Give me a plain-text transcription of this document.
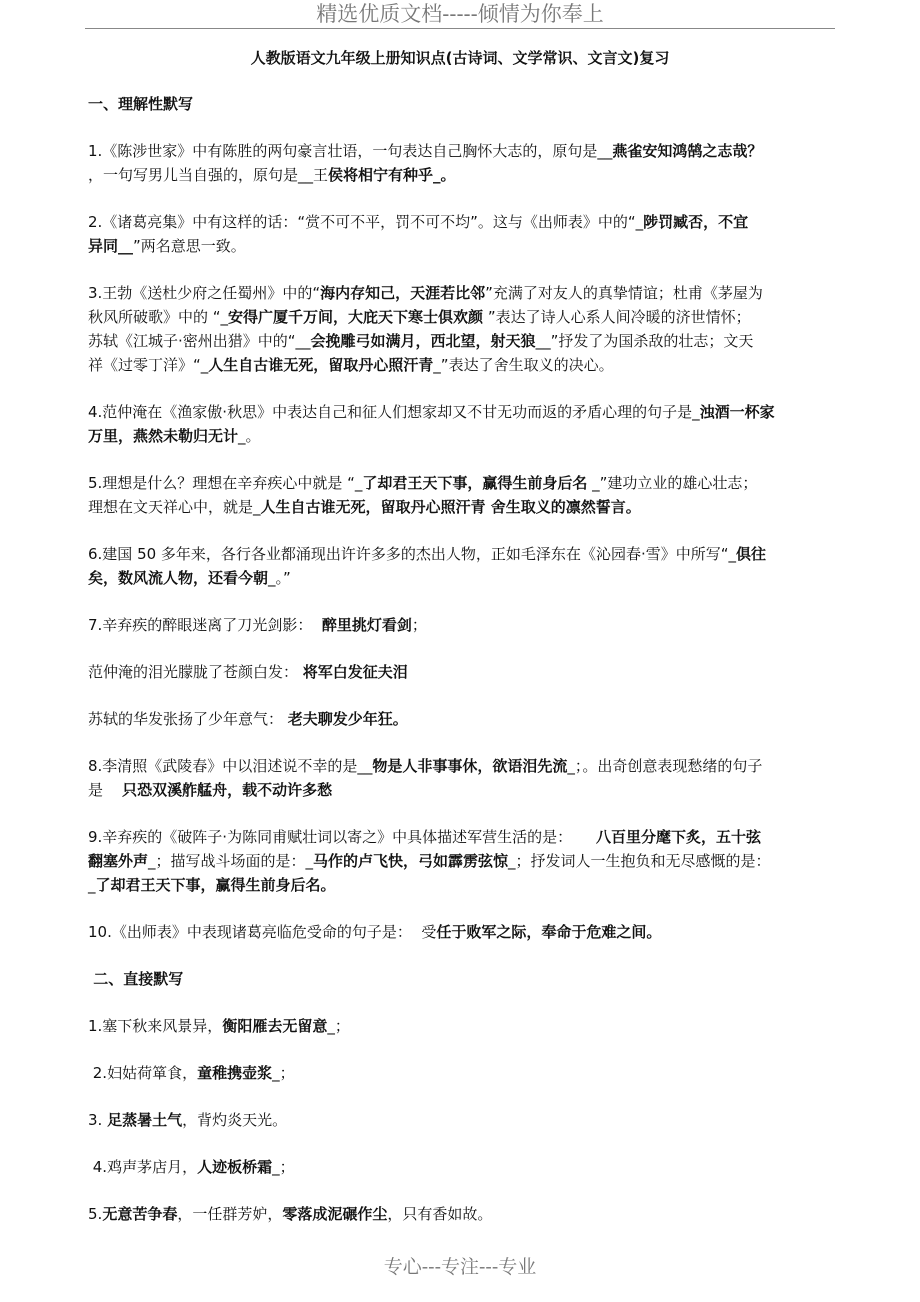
精选优质文档-----倾情为你奉上
人教版语文九年级上册知识点(古诗词、文学常识、文言文)复习
一、理解性默写
1.《陈涉世家》中有陈胜的两句豪言壮语，一句表达自己胸怀大志的，原句是__燕雀安知鸿鹄之志哉？
，一句写男儿当自强的，原句是__王侯将相宁有种乎_。
2.《诸葛亮集》中有这样的话：“赏不可不平，罚不可不均”。这与《出师表》中的“_陟罚臧否，不宜
异同__”两名意思一致。
3.王勃《送杜少府之任蜀州》中的“海内存知己，天涯若比邻”充满了对友人的真挚情谊；杜甫《茅屋为
秋风所破歌》中的 “_安得广厦千万间，大庇天下寒士俱欢颜 ”表达了诗人心系人间冷暖的济世情怀；
苏轼《江城子·密州出猎》中的“__会挽雕弓如满月，西北望，射天狼__”抒发了为国杀敌的壮志；文天
祥《过零丁洋》“_人生自古谁无死，留取丹心照汗青_”表达了舍生取义的决心。
4.范仲淹在《渔家傲·秋思》中表达自己和征人们想家却又不甘无功而返的矛盾心理的句子是_浊酒一杯家
万里，燕然未勒归无计_。
5.理想是什么？理想在辛弃疾心中就是 “_了却君王天下事，赢得生前身后名 _”建功立业的雄心壮志；
理想在文天祥心中，就是_人生自古谁无死，留取丹心照汗青 舍生取义的凛然誓言。
6.建国 50 多年来，各行各业都涌现出许许多多的杰出人物，正如毛泽东在《沁园春·雪》中所写“_俱往
矣，数风流人物，还看今朝_。”
7.辛弃疾的醉眼迷离了刀光剑影：  醉里挑灯看剑；
范仲淹的泪光朦胧了苍颜白发： 将军白发征夫泪
苏轼的华发张扬了少年意气： 老夫聊发少年狂。
8.李清照《武陵春》中以泪述说不幸的是__物是人非事事休，欲语泪先流_；。出奇创意表现愁绪的句子
是    只恐双溪舴艋舟，载不动许多愁
9.辛弃疾的《破阵子·为陈同甫赋壮词以寄之》中具体描述军营生活的是：     八百里分麾下炙，五十弦
翻塞外声_；描写战斗场面的是：_马作的卢飞快，弓如霹雳弦惊_；抒发词人一生抱负和无尽感慨的是：
_了却君王天下事，赢得生前身后名。
10.《出师表》中表现诸葛亮临危受命的句子是：  受任于败军之际，奉命于危难之间。
二、直接默写
1.塞下秋来风景异，衡阳雁去无留意_；
2.妇姑荷箪食，童稚携壶浆_；
3. 足蒸暑土气，背灼炎天光。
4.鸡声茅店月，人迹板桥霜_；
5.无意苦争春，一任群芳妒，零落成泥碾作尘，只有香如故。
专心---专注---专业
